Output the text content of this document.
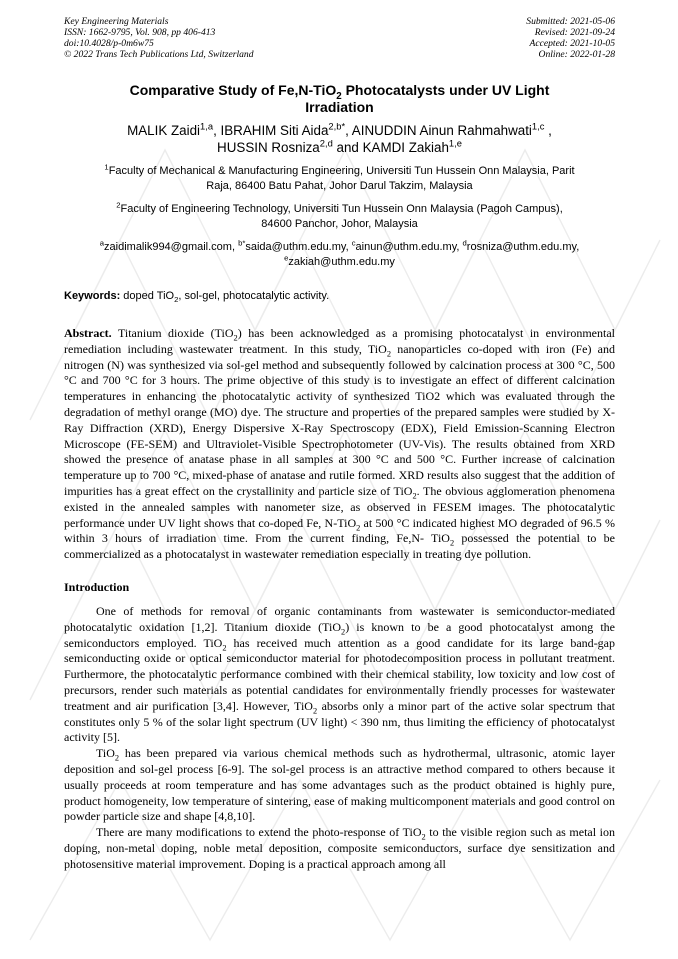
Key Engineering Materials
ISSN: 1662-9795, Vol. 908, pp 406-413
doi:10.4028/p-0m6w75
© 2022 Trans Tech Publications Ltd, Switzerland
Submitted: 2021-05-06
Revised: 2021-09-24
Accepted: 2021-10-05
Online: 2022-01-28
Comparative Study of Fe,N-TiO$_2$ Photocatalysts under UV Light
Irradiation
MALIK Zaidi$^{1,a}$, IBRAHIM Siti Aida$^{2,b*}$, AINUDDIN Ainun Rahmahwati$^{1,c}$ ,
HUSSIN Rosniza$^{2,d}$ and KAMDI Zakiah$^{1,e}$
$^1$Faculty of Mechanical & Manufacturing Engineering, Universiti Tun Hussein Onn Malaysia, Parit
Raja, 86400 Batu Pahat, Johor Darul Takzim, Malaysia
$^2$Faculty of Engineering Technology, Universiti Tun Hussein Onn Malaysia (Pagoh Campus),
84600 Panchor, Johor, Malaysia
$^a$zaidimalik994@gmail.com, $^{b*}$saida@uthm.edu.my, $^c$ainun@uthm.edu.my, $^d$rosniza@uthm.edu.my,
$^e$zakiah@uthm.edu.my
Keywords: doped TiO$_2$, sol-gel, photocatalytic activity.
Abstract. Titanium dioxide (TiO$_2$) has been acknowledged as a promising photocatalyst in environmental remediation including wastewater treatment. In this study, TiO$_2$ nanoparticles co-doped with iron (Fe) and nitrogen (N) was synthesized via sol-gel method and subsequently followed by calcination process at 300 °C, 500 °C and 700 °C for 3 hours. The prime objective of this study is to investigate an effect of different calcination temperatures in enhancing the photocatalytic activity of synthesized TiO2 which was evaluated through the degradation of methyl orange (MO) dye. The structure and properties of the prepared samples were studied by X-Ray Diffraction (XRD), Energy Dispersive X-Ray Spectroscopy (EDX), Field Emission-Scanning Electron Microscope (FE-SEM) and Ultraviolet-Visible Spectrophotometer (UV-Vis). The results obtained from XRD showed the presence of anatase phase in all samples at 300 °C and 500 °C. Further increase of calcination temperature up to 700 °C, mixed-phase of anatase and rutile formed. XRD results also suggest that the addition of impurities has a great effect on the crystallinity and particle size of TiO$_2$. The obvious agglomeration phenomena existed in the annealed samples with nanometer size, as observed in FESEM images. The photocatalytic performance under UV light shows that co-doped Fe, N-TiO$_2$ at 500 °C indicated highest MO degraded of 96.5 % within 3 hours of irradiation time. From the current finding, Fe,N- TiO$_2$ possessed the potential to be commercialized as a photocatalyst in wastewater remediation especially in treating dye pollution.
Introduction

One of methods for removal of organic contaminants from wastewater is semiconductor-mediated photocatalytic oxidation [1,2]. Titanium dioxide (TiO$_2$) is known to be a good photocatalyst among the semiconductors employed. TiO$_2$ has received much attention as a good candidate for its large band-gap semiconducting oxide or optical semiconductor material for photodecomposition process in pollutant treatment. Furthermore, the photocatalytic performance combined with their chemical stability, low toxicity and low cost of precursors, render such materials as potential candidates for environmentally friendly processes for wastewater treatment and air purification [3,4]. However, TiO$_2$ absorbs only a minor part of the active solar spectrum that constitutes only 5 % of the solar light spectrum (UV light) < 390 nm, thus limiting the efficiency of photocatalyst activity [5].

TiO$_2$ has been prepared via various chemical methods such as hydrothermal, ultrasonic, atomic layer deposition and sol-gel process [6-9]. The sol-gel process is an attractive method compared to others because it usually proceeds at room temperature and has some advantages such as the product obtained is highly pure, product homogeneity, low temperature of sintering, ease of making multicomponent materials and good control on powder particle size and shape [4,8,10].

There are many modifications to extend the photo-response of TiO$_2$ to the visible region such as metal ion doping, non-metal doping, noble metal deposition, composite semiconductors, surface dye sensitization and photosensitive material improvement. Doping is a practical approach among all
